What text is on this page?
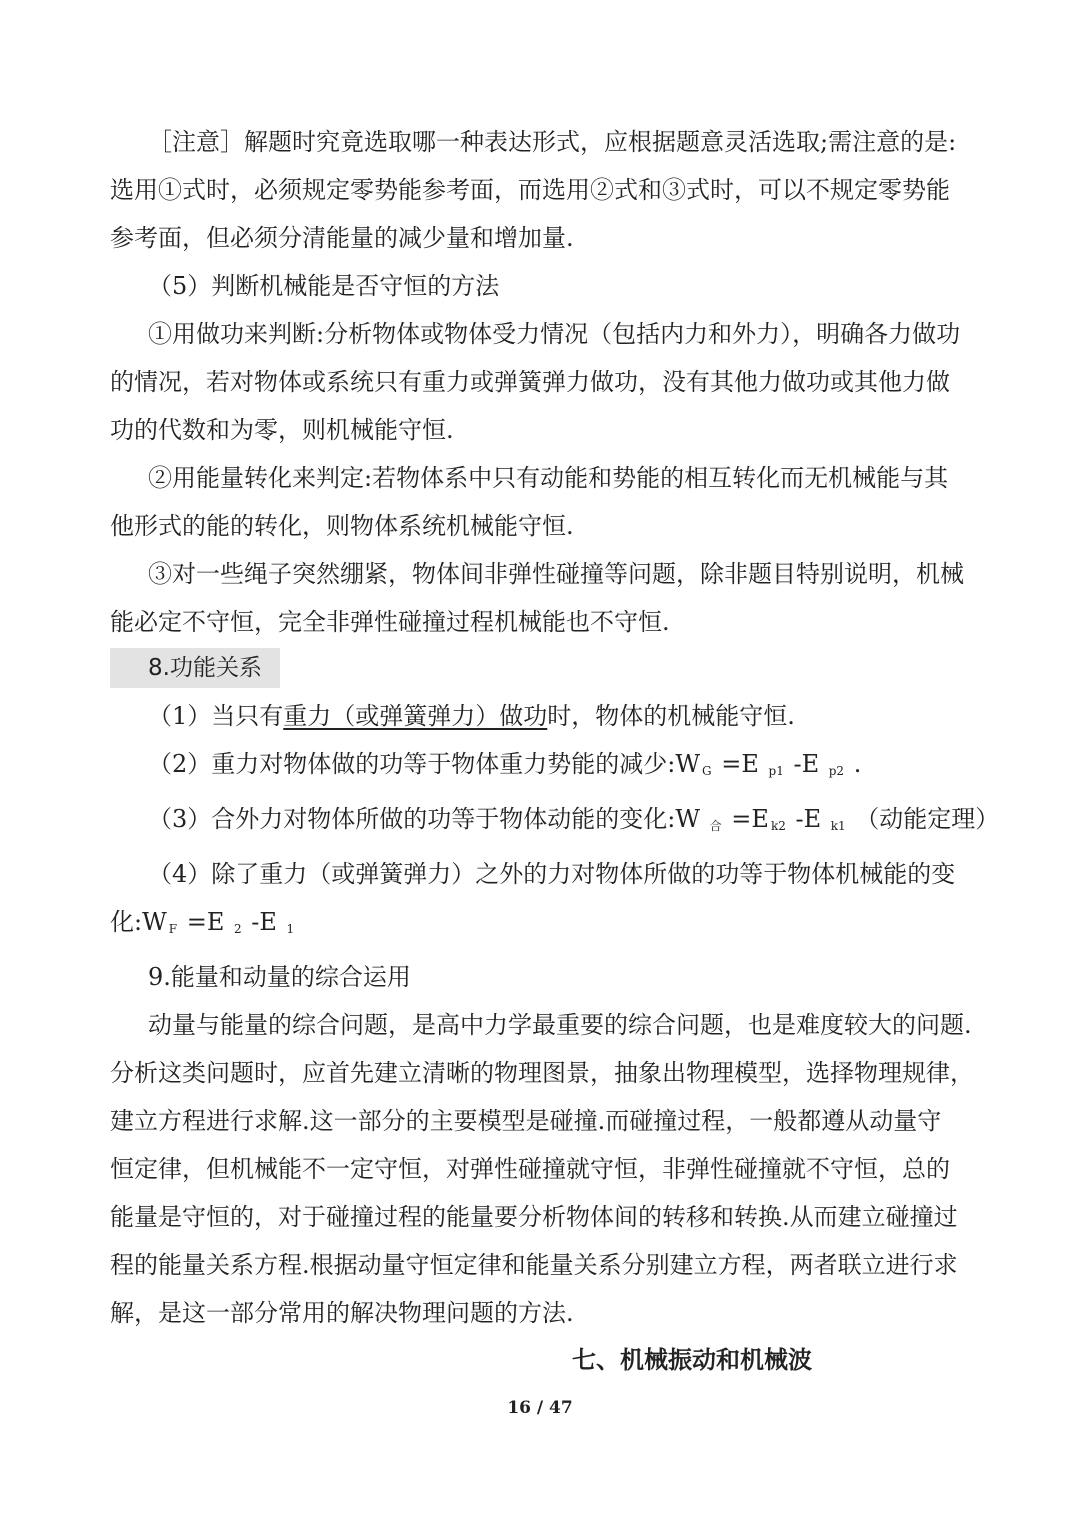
［注意］解题时究竟选取哪一种表达形式，应根据题意灵活选取;需注意的是:
选用①式时，必须规定零势能参考面，而选用②式和③式时，可以不规定零势能
参考面，但必须分清能量的减少量和增加量.
（5）判断机械能是否守恒的方法
①用做功来判断:分析物体或物体受力情况（包括内力和外力），明确各力做功
的情况，若对物体或系统只有重力或弹簧弹力做功，没有其他力做功或其他力做
功的代数和为零，则机械能守恒.
②用能量转化来判定:若物体系中只有动能和势能的相互转化而无机械能与其
他形式的能的转化，则物体系统机械能守恒.
③对一些绳子突然绷紧，物体间非弹性碰撞等问题，除非题目特别说明，机械
能必定不守恒，完全非弹性碰撞过程机械能也不守恒.
8.功能关系
（1）当只有重力（或弹簧弹力）做功时，物体的机械能守恒.
（2）重力对物体做的功等于物体重力势能的减少:W $_G$ =E $_{p1}$ -E $_{p2}$ .
（3）合外力对物体所做的功等于物体动能的变化:W $_合$ =E $_{k2}$ -E $_{k1}$ （动能定理）
（4）除了重力（或弹簧弹力）之外的力对物体所做的功等于物体机械能的变
化:W $_F$ =E $_2$ -E $_1$
9.能量和动量的综合运用
动量与能量的综合问题，是高中力学最重要的综合问题，也是难度较大的问题.
分析这类问题时，应首先建立清晰的物理图景，抽象出物理模型，选择物理规律，
建立方程进行求解.这一部分的主要模型是碰撞.而碰撞过程，一般都遵从动量守
恒定律，但机械能不一定守恒，对弹性碰撞就守恒，非弹性碰撞就不守恒，总的
能量是守恒的，对于碰撞过程的能量要分析物体间的转移和转换.从而建立碰撞过
程的能量关系方程.根据动量守恒定律和能量关系分别建立方程，两者联立进行求
解，是这一部分常用的解决物理问题的方法.
七、机械振动和机械波
16 / 47
